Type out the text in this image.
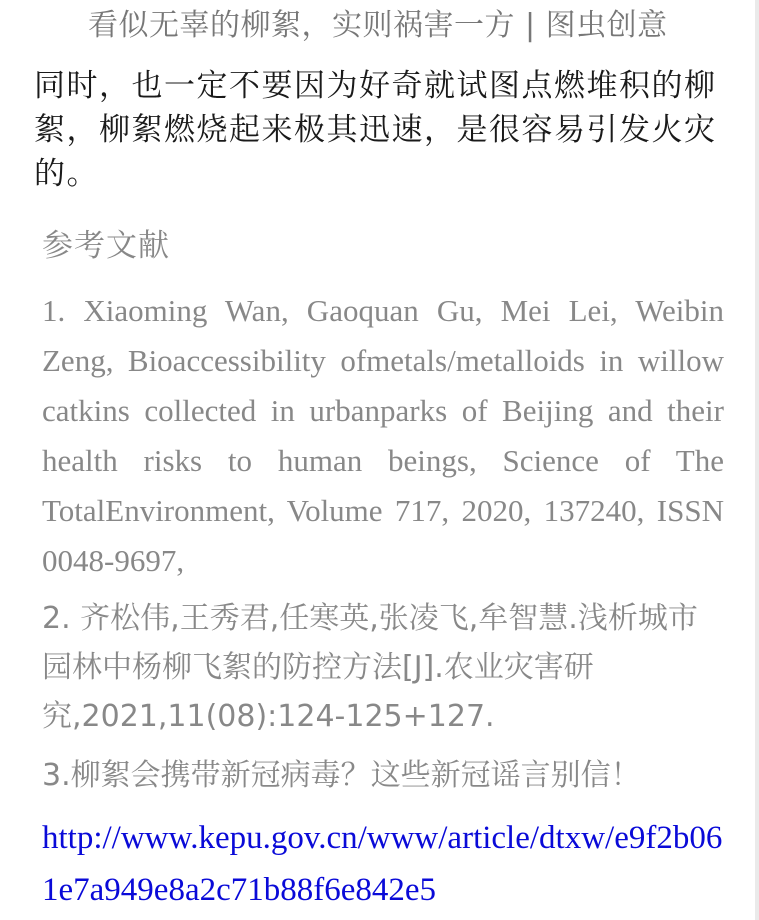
看似无辜的柳絮，实则祸害一方 | 图虫创意
同时，也一定不要因为好奇就试图点燃堆积的柳絮，柳絮燃烧起来极其迅速，是很容易引发火灾的。
参考文献
1. Xiaoming Wan, Gaoquan Gu, Mei Lei, Weibin Zeng, Bioaccessibility ofmetals/metalloids in willow catkins collected in urbanparks of Beijing and their health risks to human beings, Science of The TotalEnvironment, Volume 717, 2020, 137240, ISSN 0048-9697,
2. 齐松伟,王秀君,任寒英,张凌飞,牟智慧.浅析城市园林中杨柳飞絮的防控方法[J].农业灾害研究,2021,11(08):124-125+127.
3.柳絮会携带新冠病毒？这些新冠谣言别信！
http://www.kepu.gov.cn/www/article/dtxw/e9f2b061e7a949e8a2c71b88f6e842e5
